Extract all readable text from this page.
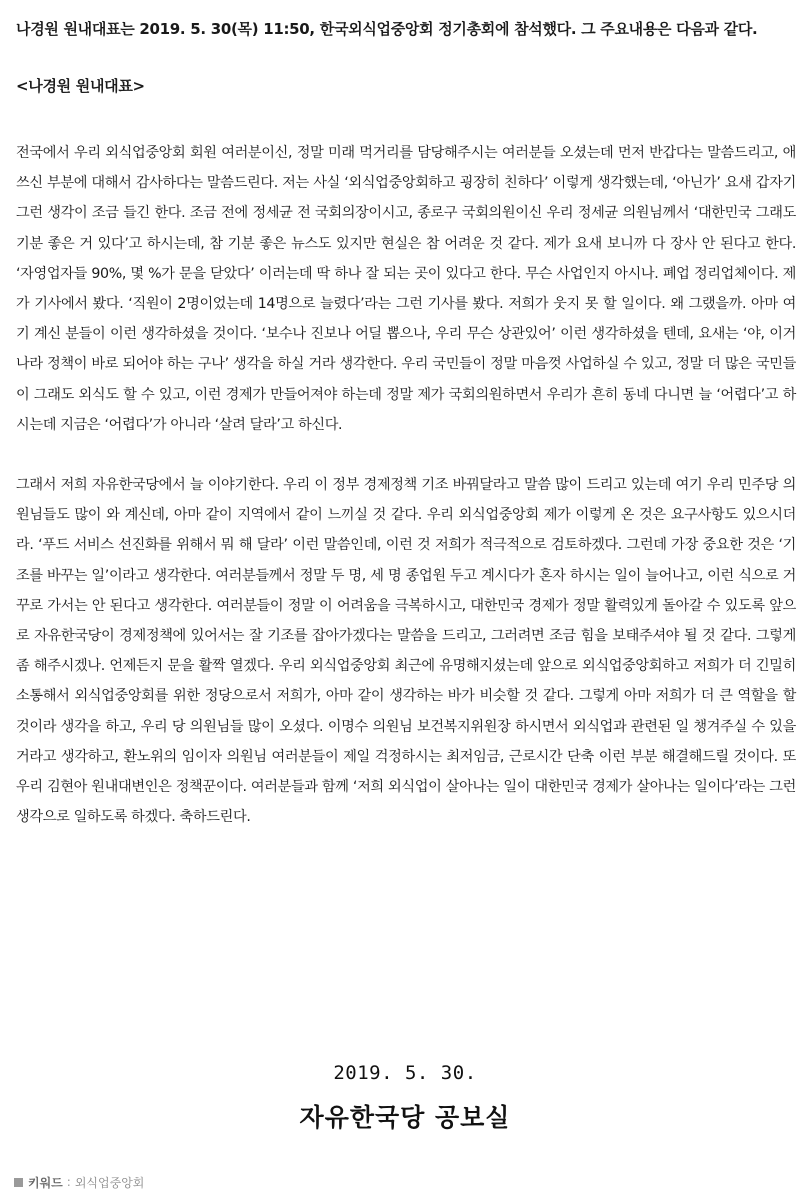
나경원 원내대표는 2019. 5. 30(목) 11:50, 한국외식업중앙회 정기총회에 참석했다. 그 주요내용은 다음과 같다.

<나경원 원내대표>

전국에서 우리 외식업중앙회 회원 여러분이신, 정말 미래 먹거리를 담당해주시는 여러분들 오셨는데 먼저 반갑다는 말씀드리고, 애쓰신 부분에 대해서 감사하다는 말씀드린다. 저는 사실 ‘외식업중앙회하고 굉장히 친하다’ 이렇게 생각했는데, ‘아닌가’ 요새 갑자기 그런 생각이 조금 들긴 한다. 조금 전에 정세균 전 국회의장이시고, 종로구 국회의원이신 우리 정세균 의원님께서 ‘대한민국 그래도 기분 좋은 거 있다’고 하시는데, 참 기분 좋은 뉴스도 있지만 현실은 참 어려운 것 같다. 제가 요새 보니까 다 장사 안 된다고 한다. ‘자영업자들 90%, 몇 %가 문을 닫았다’ 이러는데 딱 하나 잘 되는 곳이 있다고 한다. 무슨 사업인지 아시나. 폐업 정리업체이다. 제가 기사에서 봤다. ‘직원이 2명이었는데 14명으로 늘렸다’라는 그런 기사를 봤다. 저희가 웃지 못 할 일이다. 왜 그랬을까. 아마 여기 계신 분들이 이런 생각하셨을 것이다. ‘보수나 진보나 어딜 뽑으나, 우리 무슨 상관있어’ 이런 생각하셨을 텐데, 요새는 ‘야, 이거 나라 정책이 바로 되어야 하는 구나’ 생각을 하실 거라 생각한다. 우리 국민들이 정말 마음껏 사업하실 수 있고, 정말 더 많은 국민들이 그래도 외식도 할 수 있고, 이런 경제가 만들어져야 하는데 정말 제가 국회의원하면서 우리가 흔히 동네 다니면 늘 ‘어렵다’고 하시는데 지금은 ‘어렵다’가 아니라 ‘살려 달라’고 하신다.

그래서 저희 자유한국당에서 늘 이야기한다. 우리 이 정부 경제정책 기조 바꿔달라고 말씀 많이 드리고 있는데 여기 우리 민주당 의원님들도 많이 와 계신데, 아마 같이 지역에서 같이 느끼실 것 같다. 우리 외식업중앙회 제가 이렇게 온 것은 요구사항도 있으시더라. ‘푸드 서비스 선진화를 위해서 뭐 해 달라’ 이런 말씀인데, 이런 것 저희가 적극적으로 검토하겠다. 그런데 가장 중요한 것은 ‘기조를 바꾸는 일’이라고 생각한다. 여러분들께서 정말 두 명, 세 명 종업원 두고 계시다가 혼자 하시는 일이 늘어나고, 이런 식으로 거꾸로 가서는 안 된다고 생각한다. 여러분들이 정말 이 어려움을 극복하시고, 대한민국 경제가 정말 활력있게 돌아갈 수 있도록 앞으로 자유한국당이 경제정책에 있어서는 잘 기조를 잡아가겠다는 말씀을 드리고, 그러려면 조금 힘을 보태주셔야 될 것 같다. 그렇게 좀 해주시겠나. 언제든지 문을 활짝 열겠다. 우리 외식업중앙회 최근에 유명해지셨는데 앞으로 외식업중앙회하고 저희가 더 긴밀히 소통해서 외식업중앙회를 위한 정당으로서 저희가, 아마 같이 생각하는 바가 비슷할 것 같다. 그렇게 아마 저희가 더 큰 역할을 할 것이라 생각을 하고, 우리 당 의원님들 많이 오셨다. 이명수 의원님 보건복지위원장 하시면서 외식업과 관련된 일 챙겨주실 수 있을 거라고 생각하고, 환노위의 임이자 의원님 여러분들이 제일 걱정하시는 최저임금, 근로시간 단축 이런 부분 해결해드릴 것이다. 또 우리 김현아 원내대변인은 정책꾼이다. 여러분들과 함께 ‘저희 외식업이 살아나는 일이 대한민국 경제가 살아나는 일이다’라는 그런 생각으로 일하도록 하겠다. 축하드린다.

2019. 5. 30.
자유한국당 공보실
키워드 : 외식업중앙회
